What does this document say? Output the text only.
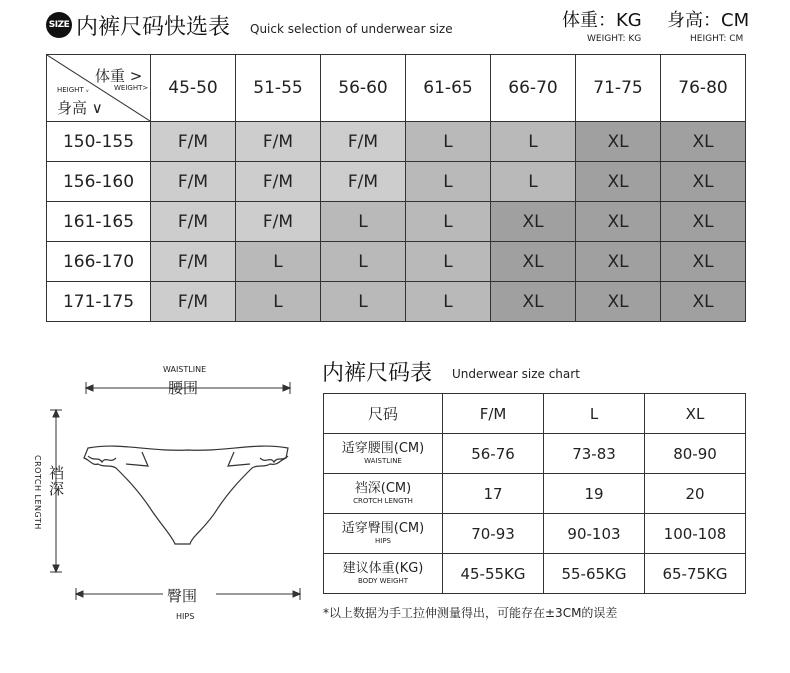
SIZE 内裤尺码快选表 Quick selection of underwear size	体重：KG
WEIGHT: KG
身高：CM
HEIGHT: CM
体重 >
WEIGHT>
HEIGHT ᵥ
身高 ∨	45-50	51-55	56-60	61-65	66-70	71-75	76-80
150-155	F/M	F/M	F/M	L	L	XL	XL
156-160	F/M	F/M	F/M	L	L	XL	XL
161-165	F/M	F/M	L	L	XL	XL	XL
166-170	F/M	L	L	L	XL	XL	XL
171-175	F/M	L	L	L	XL	XL	XL
WAISTLINE
腰围
裆深
CROTCH LENGTH
臀围
HIPS
内裤尺码表 Underwear size chart
尺码	F/M	L	XL

适穿腰围(CM)
WAISTLINE	56-76	73-83	80-90

裆深(CM)
CROTCH LENGTH	17	19	20

适穿臀围(CM)
HIPS	70-93	90-103	100-108

建议体重(KG)
BODY WEIGHT	45-55KG	55-65KG	65-75KG
*以上数据为手工拉伸测量得出，可能存在±3CM的误差
